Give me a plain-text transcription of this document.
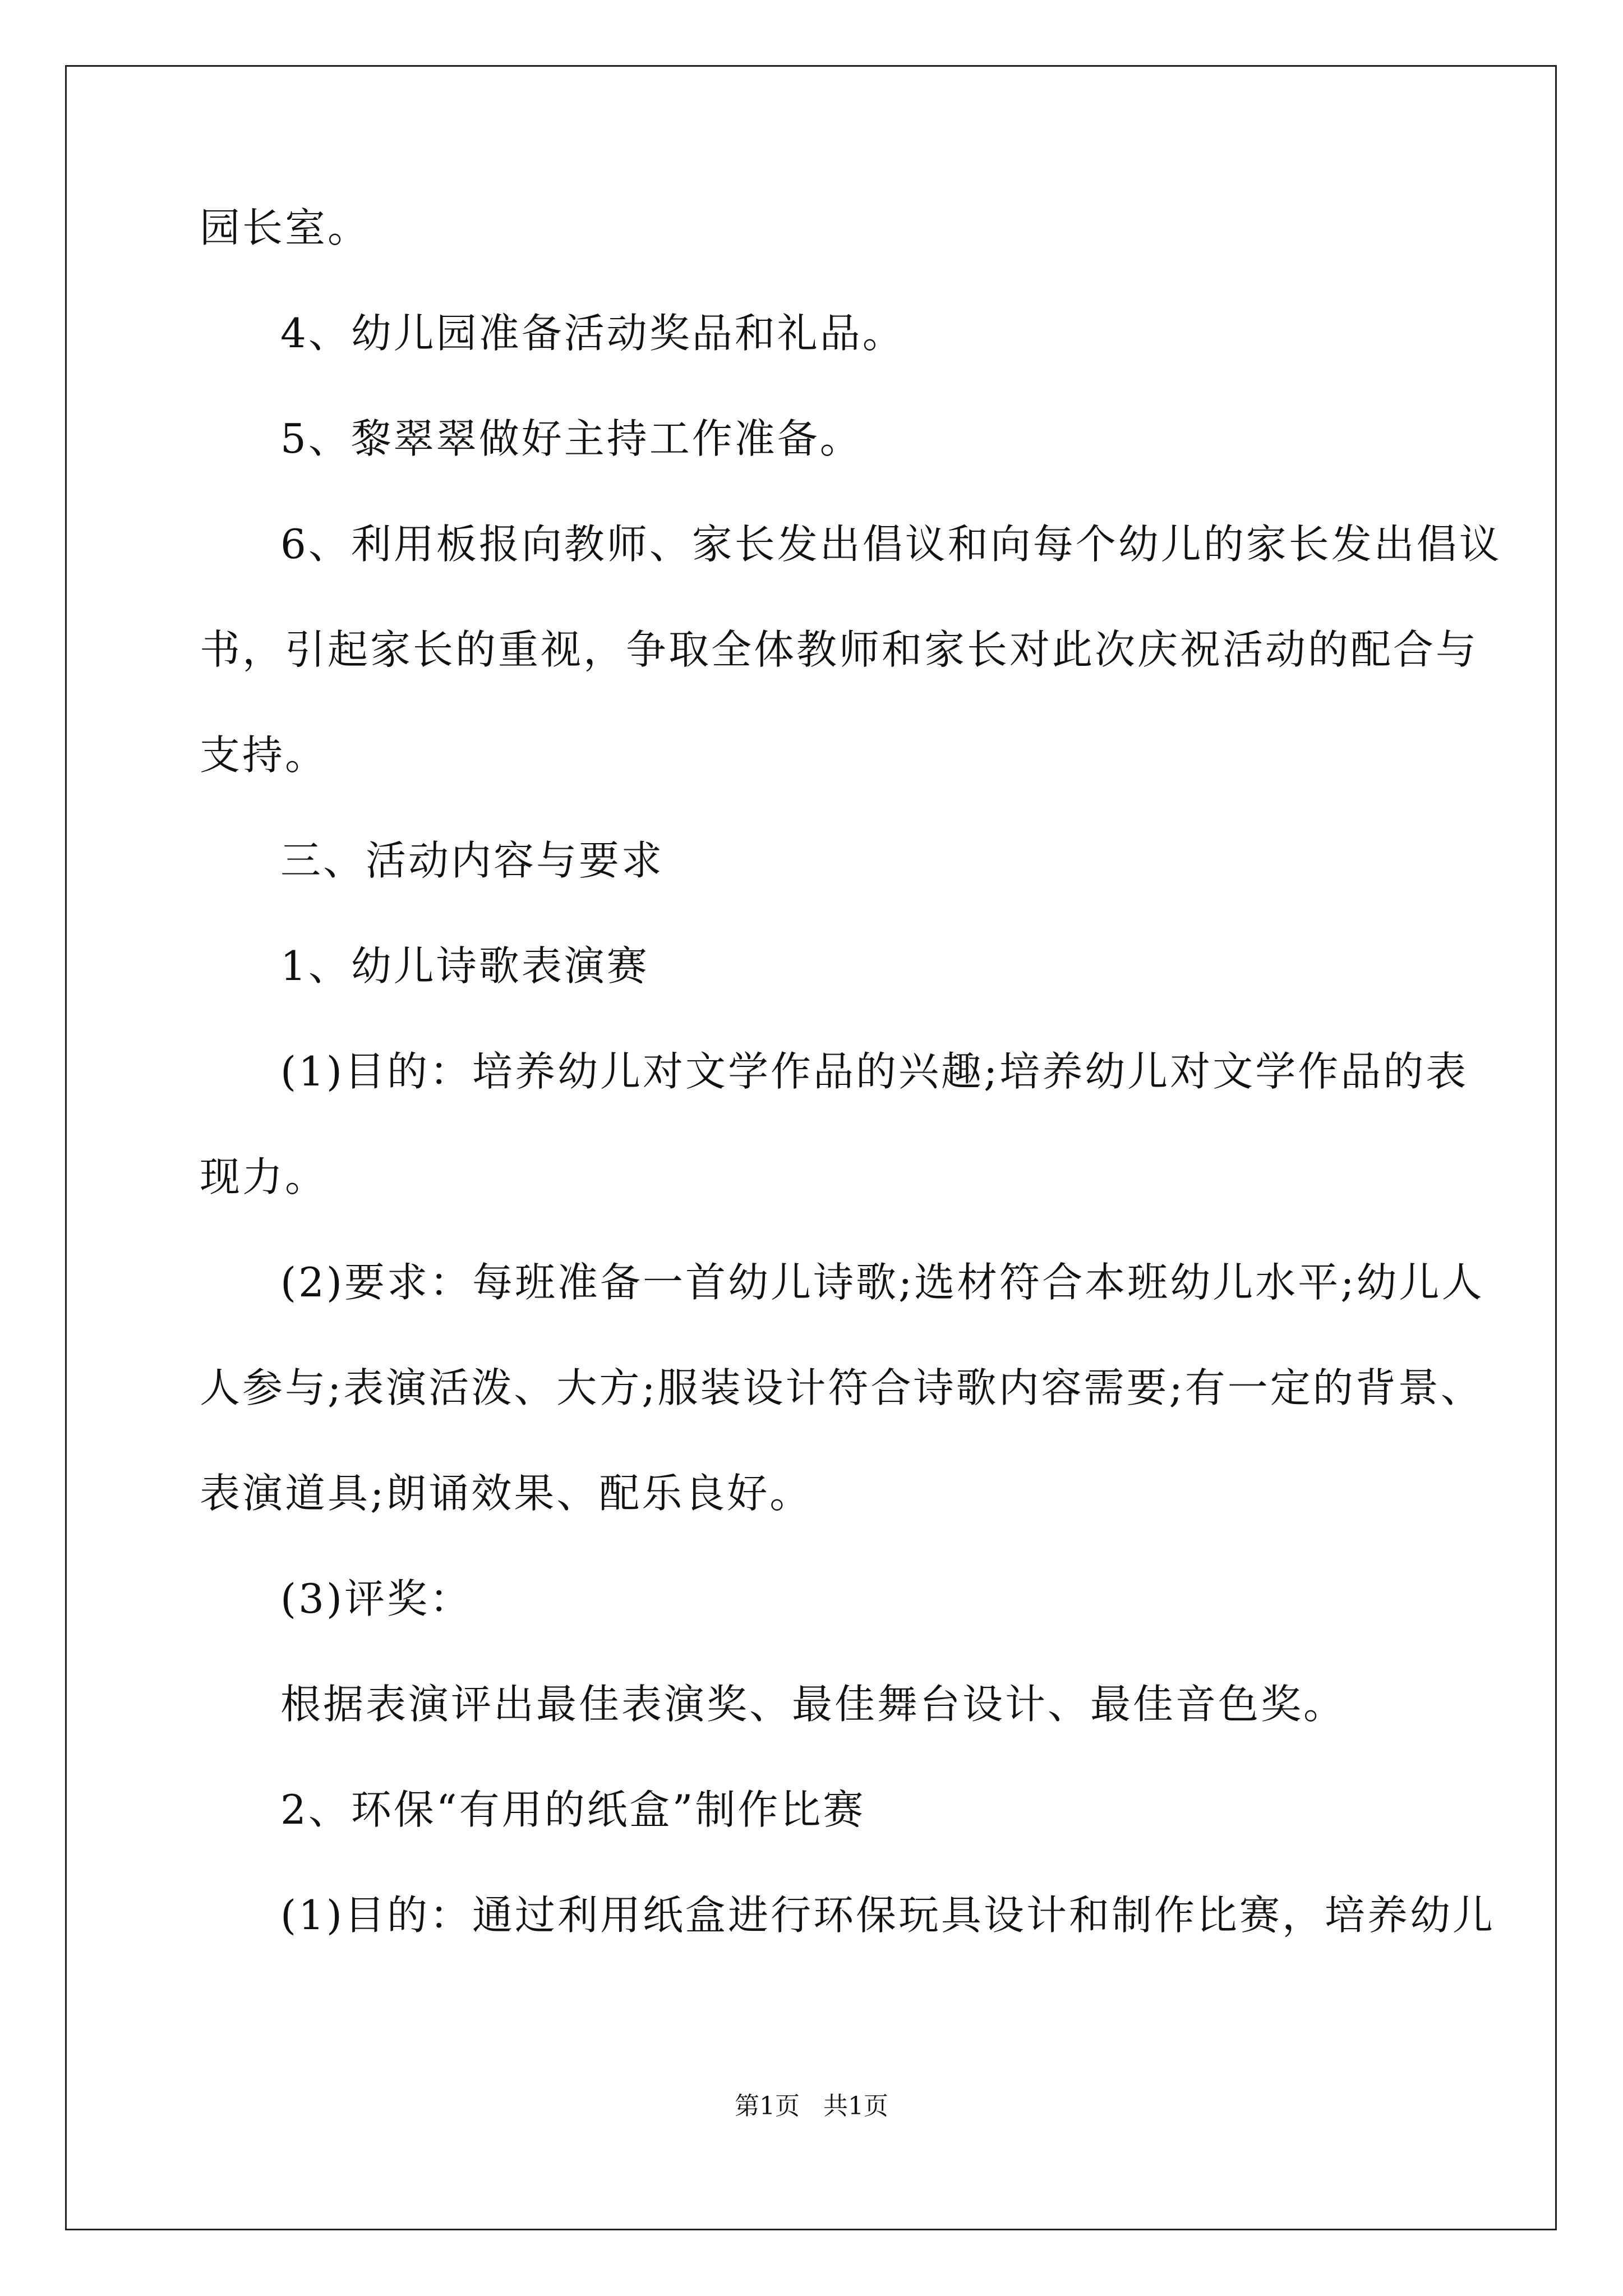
园长室。
4、幼儿园准备活动奖品和礼品。
5、黎翠翠做好主持工作准备。
6、利用板报向教师、家长发出倡议和向每个幼儿的家长发出倡议
书，引起家长的重视，争取全体教师和家长对此次庆祝活动的配合与
支持。
三、活动内容与要求
1、幼儿诗歌表演赛
(1)目的：培养幼儿对文学作品的兴趣;培养幼儿对文学作品的表
现力。
(2)要求：每班准备一首幼儿诗歌;选材符合本班幼儿水平;幼儿人
人参与;表演活泼、大方;服装设计符合诗歌内容需要;有一定的背景、
表演道具;朗诵效果、配乐良好。
(3)评奖：
根据表演评出最佳表演奖、最佳舞台设计、最佳音色奖。
2、环保“有用的纸盒”制作比赛
(1)目的：通过利用纸盒进行环保玩具设计和制作比赛，培养幼儿
第1页 共1页
